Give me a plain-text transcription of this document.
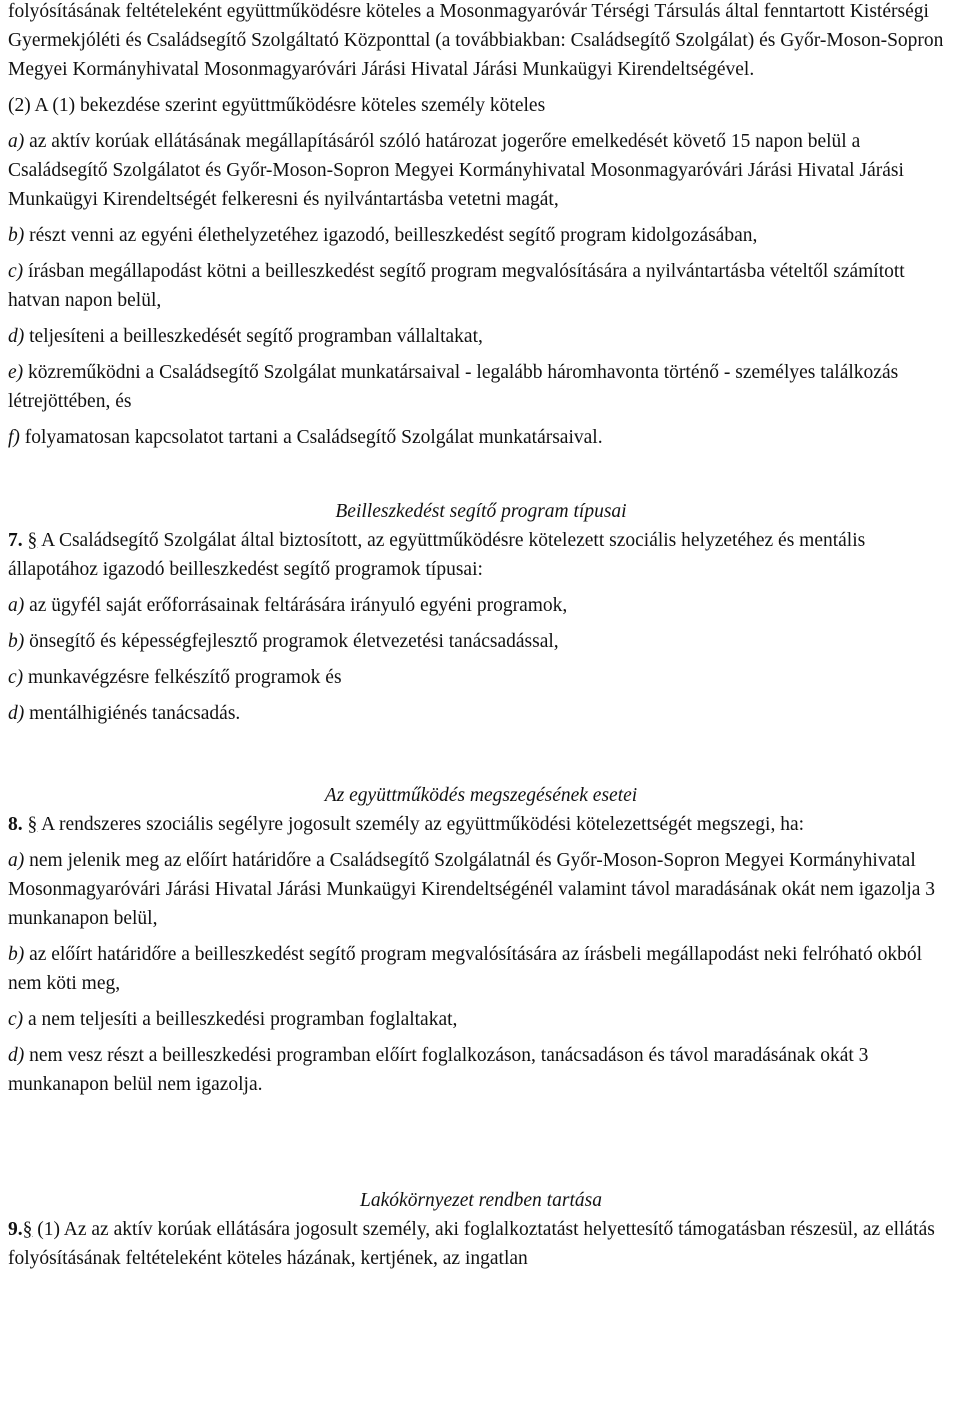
folyósításának feltételeként együttműködésre köteles a Mosonmagyaróvár Térségi Társulás által fenntartott Kistérségi Gyermekjóléti és Családsegítő Szolgáltató Központtal (a továbbiakban: Családsegítő Szolgálat) és Győr-Moson-Sopron Megyei Kormányhivatal Mosonmagyaróvári Járási Hivatal Járási Munkaügyi Kirendeltségével.

(2) A (1) bekezdése szerint együttműködésre köteles személy köteles

a) az aktív korúak ellátásának megállapításáról szóló határozat jogerőre emelkedését követő 15 napon belül a Családsegítő Szolgálatot és Győr-Moson-Sopron Megyei Kormányhivatal Mosonmagyaróvári Járási Hivatal Járási Munkaügyi Kirendeltségét felkeresni és nyilvántartásba vetetni magát,

b) részt venni az egyéni élethelyzetéhez igazodó, beilleszkedést segítő program kidolgozásában,

c) írásban megállapodást kötni a beilleszkedést segítő program megvalósítására a nyilvántartásba vételtől számított hatvan napon belül,

d) teljesíteni a beilleszkedését segítő programban vállaltakat,

e) közreműködni a Családsegítő Szolgálat munkatársaival - legalább háromhavonta történő - személyes találkozás létrejöttében, és

f) folyamatosan kapcsolatot tartani a Családsegítő Szolgálat munkatársaival.

Beilleszkedést segítő program típusai

7. § A Családsegítő Szolgálat által biztosított, az együttműködésre kötelezett szociális helyzetéhez és mentális állapotához igazodó beilleszkedést segítő programok típusai:

a) az ügyfél saját erőforrásainak feltárására irányuló egyéni programok,

b) önsegítő és képességfejlesztő programok életvezetési tanácsadással,

c) munkavégzésre felkészítő programok és

d) mentálhigiénés tanácsadás.

Az együttműködés megszegésének esetei

8. § A rendszeres szociális segélyre jogosult személy az együttműködési kötelezettségét megszegi, ha:

a) nem jelenik meg az előírt határidőre a Családsegítő Szolgálatnál és Győr-Moson-Sopron Megyei Kormányhivatal Mosonmagyaróvári Járási Hivatal Járási Munkaügyi Kirendeltségénél valamint távol maradásának okát nem igazolja 3 munkanapon belül,

b) az előírt határidőre a beilleszkedést segítő program megvalósítására az írásbeli megállapodást neki felróható okból nem köti meg,

c) a nem teljesíti a beilleszkedési programban foglaltakat,

d) nem vesz részt a beilleszkedési programban előírt foglalkozáson, tanácsadáson és távol maradásának okát 3 munkanapon belül nem igazolja.

Lakókörnyezet rendben tartása

9.§ (1) Az az aktív korúak ellátására jogosult személy, aki foglalkoztatást helyettesítő támogatásban részesül, az ellátás folyósításának feltételeként köteles házának, kertjének, az ingatlan
